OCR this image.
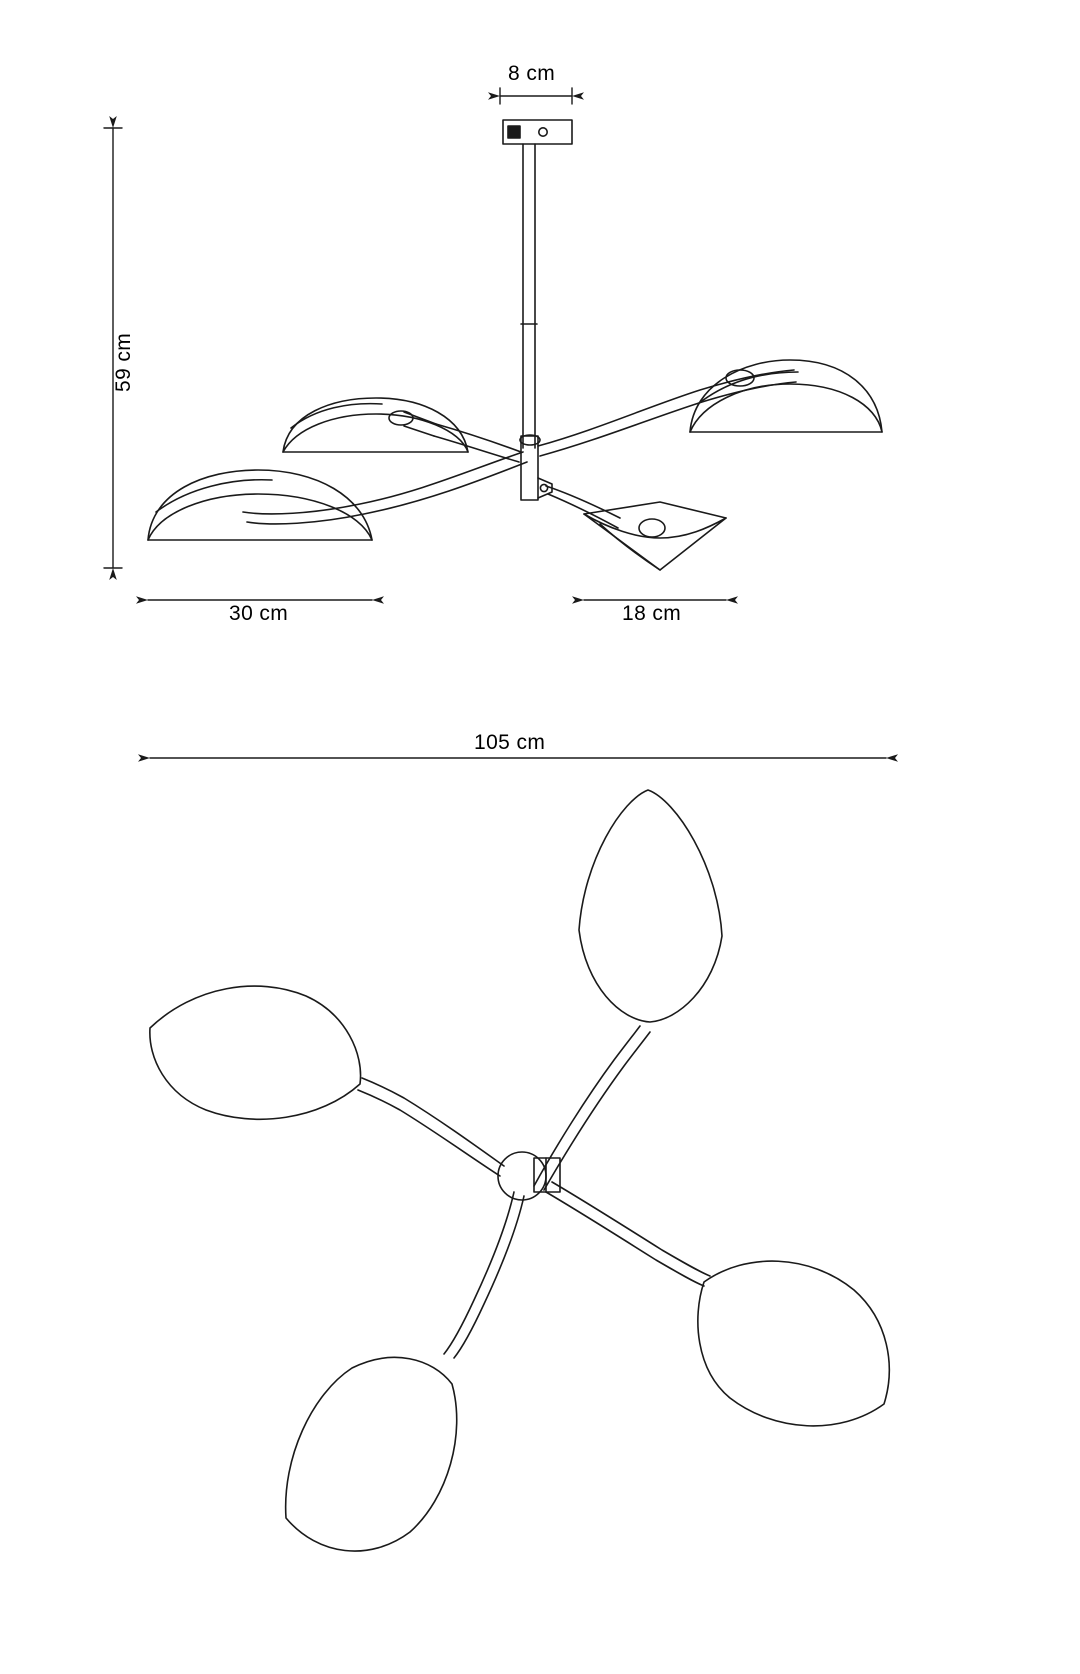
59 cm
8 cm
30 cm	18 cm
105 cm
